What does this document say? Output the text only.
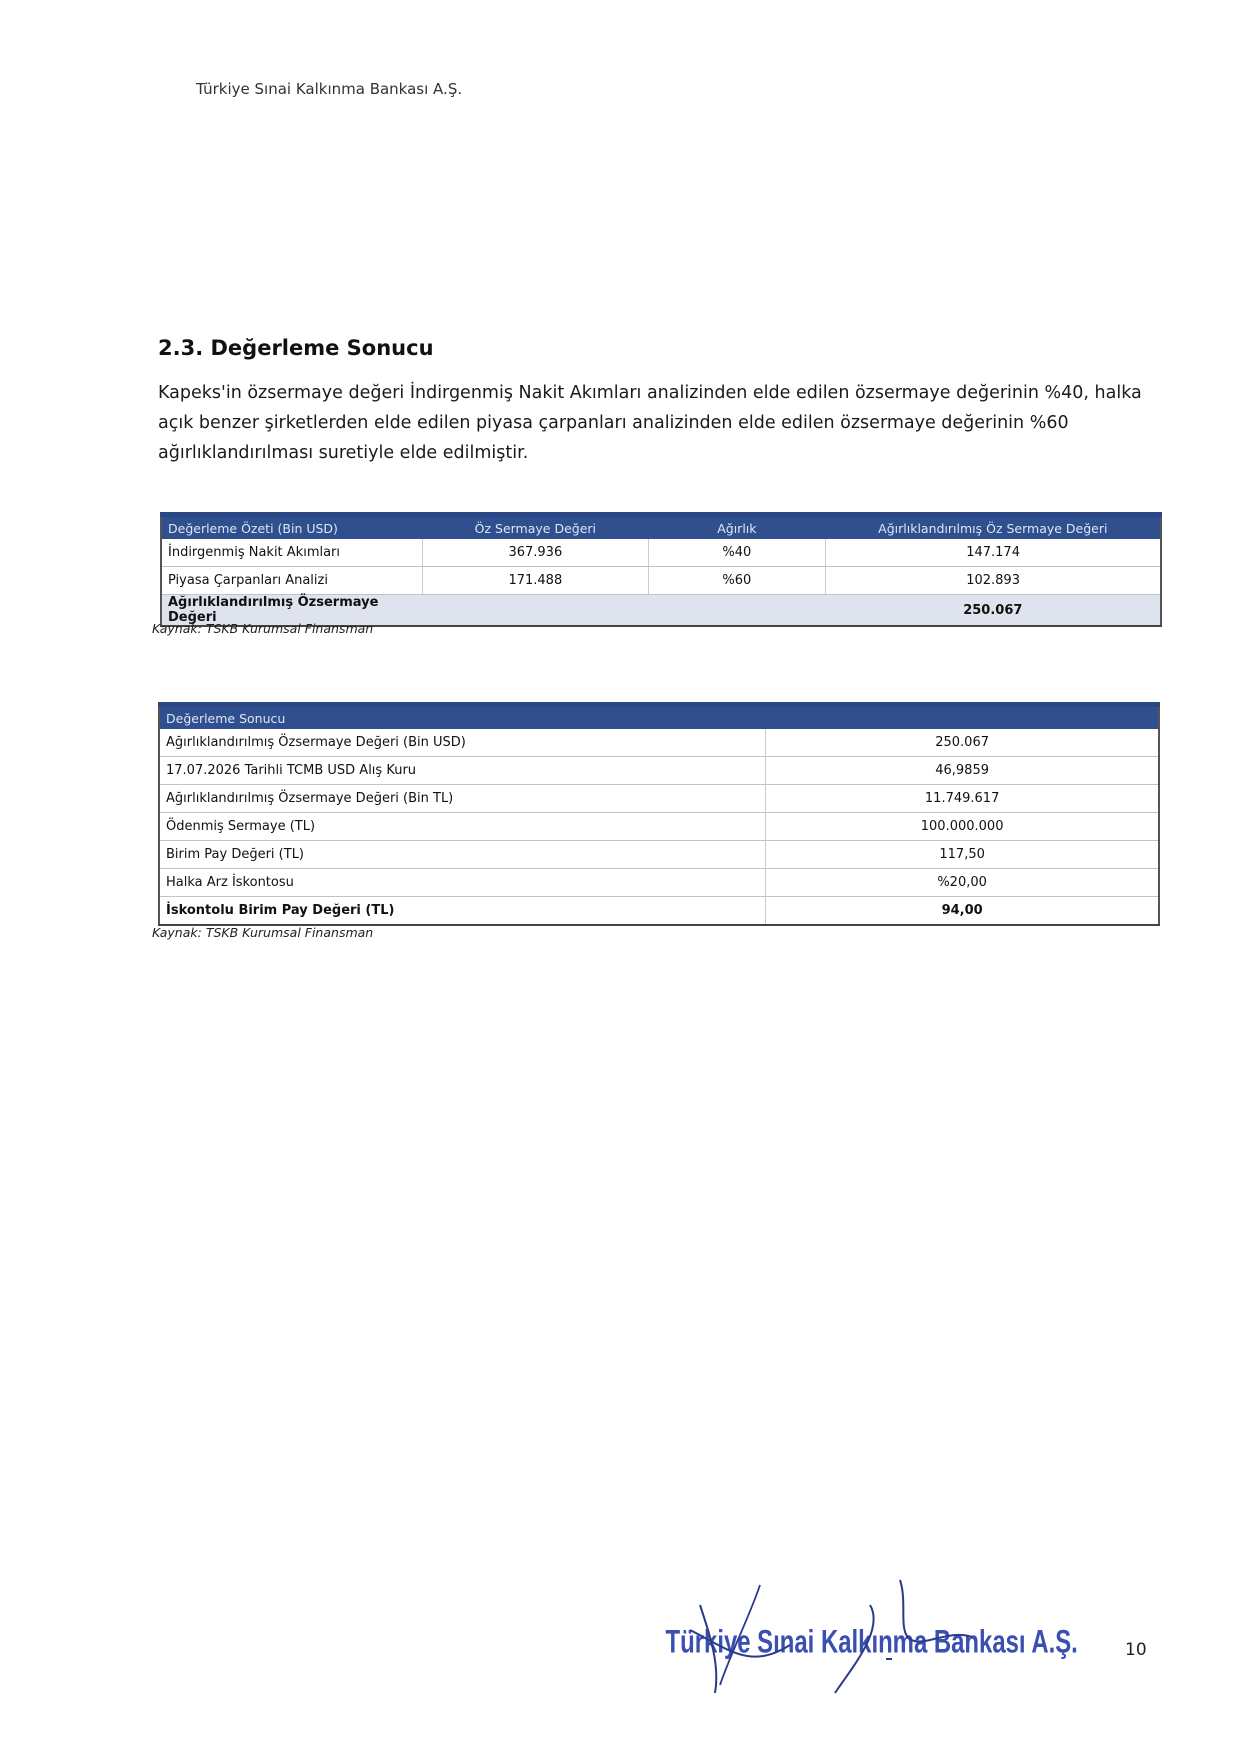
Türkiye Sınai Kalkınma Bankası A.Ş.
2.3. Değerleme Sonucu
Kapeks'in özsermaye değeri İndirgenmiş Nakit Akımları analizinden elde edilen özsermaye değerinin %40, halka açık benzer şirketlerden elde edilen piyasa çarpanları analizinden elde edilen özsermaye değerinin %60 ağırlıklandırılması suretiyle elde edilmiştir.
Değerleme Özeti (Bin USD)	Öz Sermaye Değeri	Ağırlık	Ağırlıklandırılmış Öz Sermaye Değeri
İndirgenmiş Nakit Akımları	367.936	%40	147.174
Piyasa Çarpanları Analizi	171.488	%60	102.893
Ağırlıklandırılmış Özsermaye Değeri			250.067
Kaynak: TSKB Kurumsal Finansman
Değerleme Sonucu	
Ağırlıklandırılmış Özsermaye Değeri (Bin USD)	250.067
17.07.2026 Tarihli TCMB USD Alış Kuru	46,9859
Ağırlıklandırılmış Özsermaye Değeri (Bin TL)	11.749.617
Ödenmiş Sermaye (TL)	100.000.000
Birim Pay Değeri (TL)	117,50
Halka Arz İskontosu	%20,00
İskontolu Birim Pay Değeri (TL)	94,00
Kaynak: TSKB Kurumsal Finansman
Türkiye Sınai Kalkınma Bankası A.Ş.	10
